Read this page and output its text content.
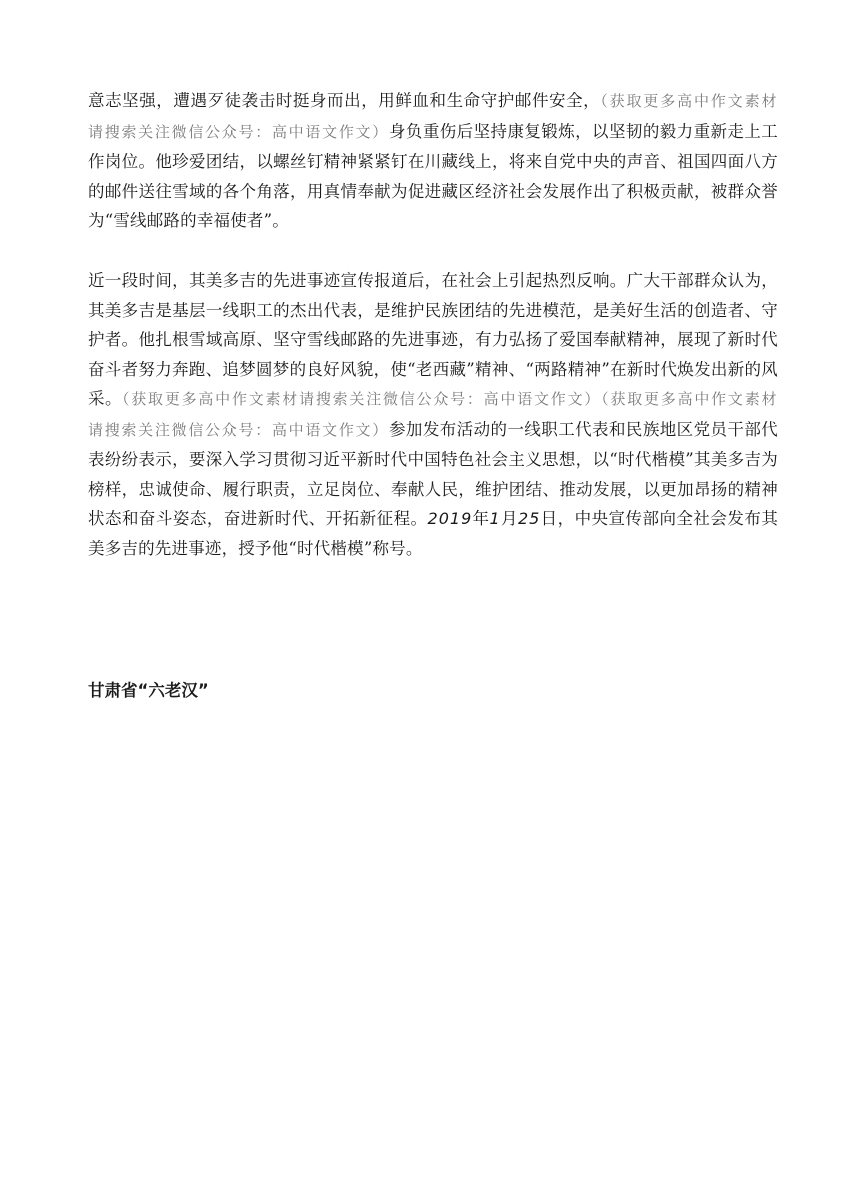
意志坚强，遭遇歹徒袭击时挺身而出，用鲜血和生命守护邮件安全，（获取更多高中作文素材请搜索关注微信公众号：高中语文作文）身负重伤后坚持康复锻炼，以坚韧的毅力重新走上工作岗位。他珍爱团结，以螺丝钉精神紧紧钉在川藏线上，将来自党中央的声音、祖国四面八方的邮件送往雪域的各个角落，用真情奉献为促进藏区经济社会发展作出了积极贡献，被群众誉为“雪线邮路的幸福使者”。

近一段时间，其美多吉的先进事迹宣传报道后，在社会上引起热烈反响。广大干部群众认为，其美多吉是基层一线职工的杰出代表，是维护民族团结的先进模范，是美好生活的创造者、守护者。他扎根雪域高原、坚守雪线邮路的先进事迹，有力弘扬了爱国奉献精神，展现了新时代奋斗者努力奔跑、追梦圆梦的良好风貌，使“老西藏”精神、“两路精神”在新时代焕发出新的风采。（获取更多高中作文素材请搜索关注微信公众号：高中语文作文）（获取更多高中作文素材请搜索关注微信公众号：高中语文作文）参加发布活动的一线职工代表和民族地区党员干部代表纷纷表示，要深入学习贯彻习近平新时代中国特色社会主义思想，以“时代楷模”其美多吉为榜样，忠诚使命、履行职责，立足岗位、奉献人民，维护团结、推动发展，以更加昂扬的精神状态和奋斗姿态，奋进新时代、开拓新征程。2019年1月25日，中央宣传部向全社会发布其美多吉的先进事迹，授予他“时代楷模”称号。

甘肃省“六老汉”
